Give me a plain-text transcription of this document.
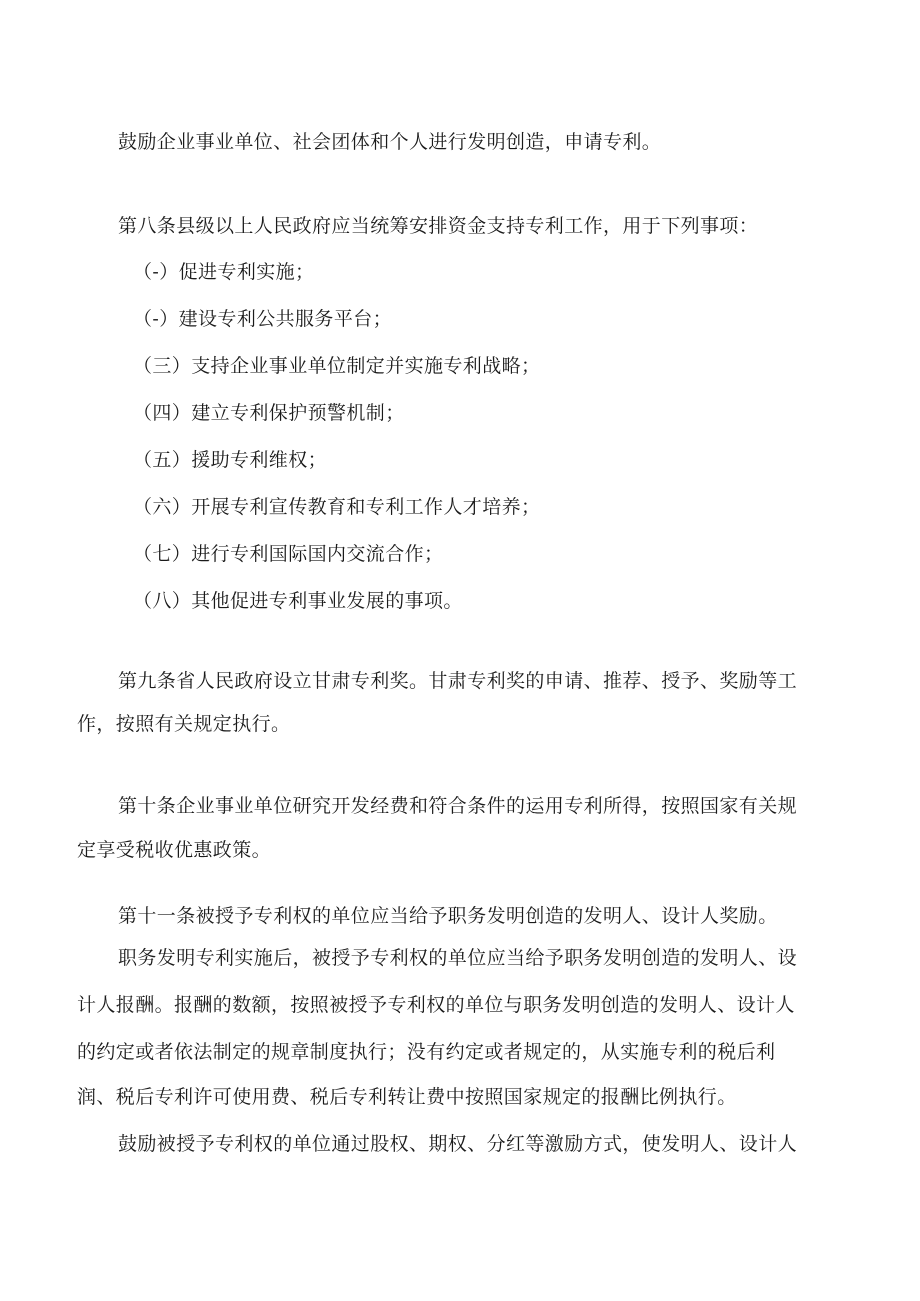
鼓励企业事业单位、社会团体和个人进行发明创造，申请专利。
第八条县级以上人民政府应当统筹安排资金支持专利工作，用于下列事项：
（-）促进专利实施；
（-）建设专利公共服务平台；
（三）支持企业事业单位制定并实施专利战略；
（四）建立专利保护预警机制；
（五）援助专利维权；
（六）开展专利宣传教育和专利工作人才培养；
（七）进行专利国际国内交流合作；
（八）其他促进专利事业发展的事项。
第九条省人民政府设立甘肃专利奖。甘肃专利奖的申请、推荐、授予、奖励等工
作，按照有关规定执行。
第十条企业事业单位研究开发经费和符合条件的运用专利所得，按照国家有关规
定享受税收优惠政策。
第十一条被授予专利权的单位应当给予职务发明创造的发明人、设计人奖励。
职务发明专利实施后，被授予专利权的单位应当给予职务发明创造的发明人、设
计人报酬。报酬的数额，按照被授予专利权的单位与职务发明创造的发明人、设计人
的约定或者依法制定的规章制度执行；没有约定或者规定的，从实施专利的税后利
润、税后专利许可使用费、税后专利转让费中按照国家规定的报酬比例执行。
鼓励被授予专利权的单位通过股权、期权、分红等激励方式，使发明人、设计人
